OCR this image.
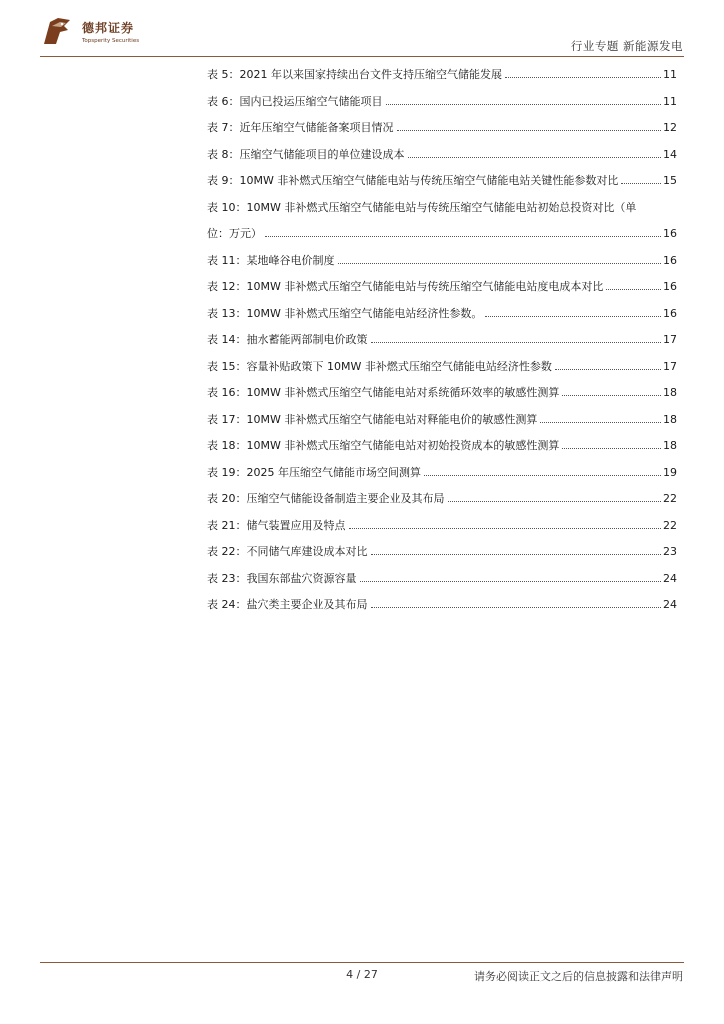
德邦证券
Topsperity Securities	行业专题 新能源发电
表 5：2021 年以来国家持续出台文件支持压缩空气储能发展	11
表 6：国内已投运压缩空气储能项目	11
表 7：近年压缩空气储能备案项目情况	12
表 8：压缩空气储能项目的单位建设成本	14
表 9：10MW 非补燃式压缩空气储能电站与传统压缩空气储能电站关键性能参数对比	15
表 10：10MW 非补燃式压缩空气储能电站与传统压缩空气储能电站初始总投资对比（单
位：万元）	16
表 11：某地峰谷电价制度	16
表 12：10MW 非补燃式压缩空气储能电站与传统压缩空气储能电站度电成本对比	16
表 13：10MW 非补燃式压缩空气储能电站经济性参数。	16
表 14：抽水蓄能两部制电价政策	17
表 15：容量补贴政策下 10MW 非补燃式压缩空气储能电站经济性参数	17
表 16：10MW 非补燃式压缩空气储能电站对系统循环效率的敏感性测算	18
表 17：10MW 非补燃式压缩空气储能电站对释能电价的敏感性测算	18
表 18：10MW 非补燃式压缩空气储能电站对初始投资成本的敏感性测算	18
表 19：2025 年压缩空气储能市场空间测算	19
表 20：压缩空气储能设备制造主要企业及其布局	22
表 21：储气装置应用及特点	22
表 22：不同储气库建设成本对比	23
表 23：我国东部盐穴资源容量	24
表 24：盐穴类主要企业及其布局	24
4 / 27	请务必阅读正文之后的信息披露和法律声明
